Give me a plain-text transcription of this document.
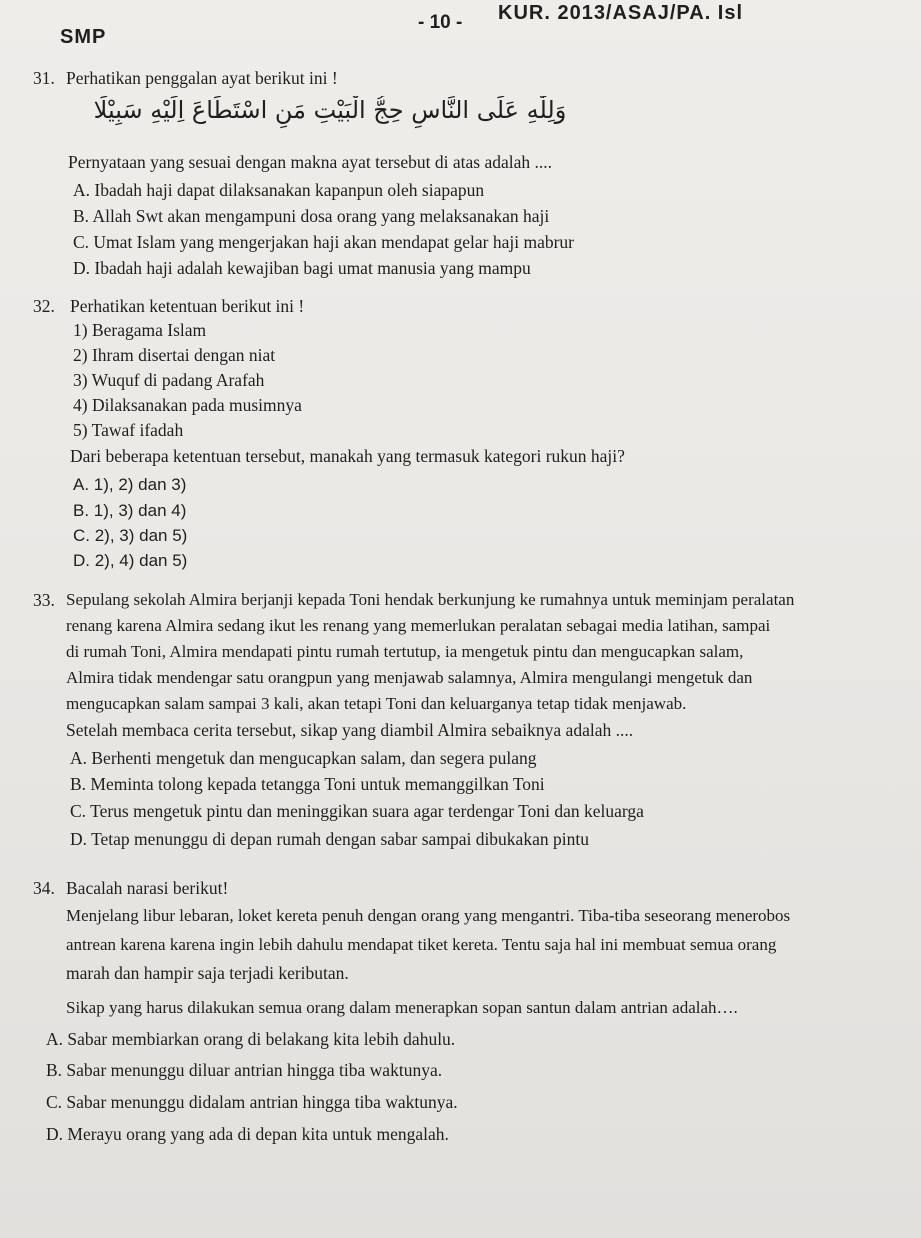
SMP
- 10 - KUR. 2013/ASAJ/PA. Isl
31. Perhatikan penggalan ayat berikut ini !
وَلِلّٰهِ عَلَى النَّاسِ حِجُّ الْبَيْتِ مَنِ اسْتَطَاعَ اِلَيْهِ سَبِيْلًا
Pernyataan yang sesuai dengan makna ayat tersebut di atas adalah ....
A. Ibadah haji dapat dilaksanakan kapanpun oleh siapapun
B. Allah Swt akan mengampuni dosa orang yang melaksanakan haji
C. Umat Islam yang mengerjakan haji akan mendapat gelar haji mabrur
D. Ibadah haji adalah kewajiban bagi umat manusia yang mampu
32. Perhatikan ketentuan berikut ini !
1) Beragama Islam
2) Ihram disertai dengan niat
3) Wuquf di padang Arafah
4) Dilaksanakan pada musimnya
5) Tawaf ifadah
Dari beberapa ketentuan tersebut, manakah yang termasuk kategori rukun haji?
A. 1), 2) dan 3)
B. 1), 3) dan 4)
C. 2), 3) dan 5)
D. 2), 4) dan 5)
33. Sepulang sekolah Almira berjanji kepada Toni hendak berkunjung ke rumahnya untuk meminjam peralatan
renang karena Almira sedang ikut les renang yang memerlukan peralatan sebagai media latihan, sampai
di rumah Toni, Almira mendapati pintu rumah tertutup, ia mengetuk pintu dan mengucapkan salam,
Almira tidak mendengar satu orangpun yang menjawab salamnya, Almira mengulangi mengetuk dan
mengucapkan salam sampai 3 kali, akan tetapi Toni dan keluarganya tetap tidak menjawab.
Setelah membaca cerita tersebut, sikap yang diambil Almira sebaiknya adalah ....
A. Berhenti mengetuk dan mengucapkan salam, dan segera pulang
B. Meminta tolong kepada tetangga Toni untuk memanggilkan Toni
C. Terus mengetuk pintu dan meninggikan suara agar terdengar Toni dan keluarga
D. Tetap menunggu di depan rumah dengan sabar sampai dibukakan pintu
34. Bacalah narasi berikut!
Menjelang libur lebaran, loket kereta penuh dengan orang yang mengantri. Tiba-tiba seseorang menerobos
antrean karena karena ingin lebih dahulu mendapat tiket kereta. Tentu saja hal ini membuat semua orang
marah dan hampir saja terjadi keributan.
Sikap yang harus dilakukan semua orang dalam menerapkan sopan santun dalam antrian adalah….
A. Sabar membiarkan orang di belakang kita lebih dahulu.
B. Sabar menunggu diluar antrian hingga tiba waktunya.
C. Sabar menunggu didalam antrian hingga tiba waktunya.
D. Merayu orang yang ada di depan kita untuk mengalah.
